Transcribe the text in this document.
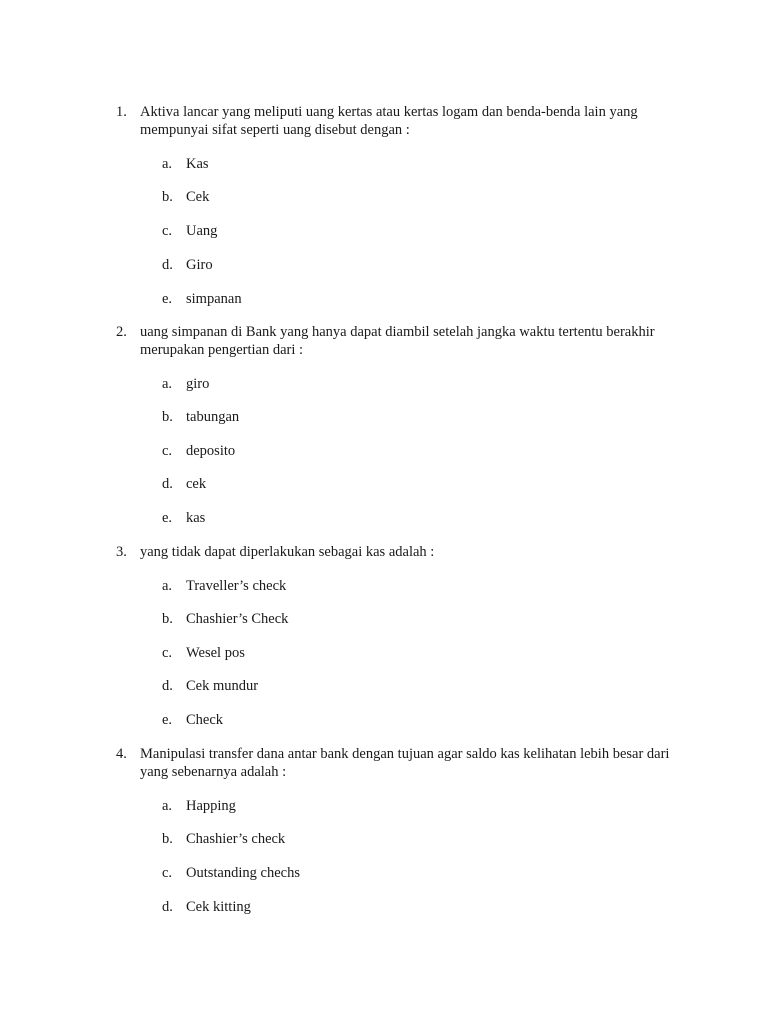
1. Aktiva lancar yang meliputi uang kertas atau kertas logam dan benda-benda lain yang mempunyai sifat seperti uang disebut dengan :
a. Kas
b. Cek
c. Uang
d. Giro
e. simpanan
2. uang simpanan di Bank yang hanya dapat diambil setelah jangka waktu tertentu berakhir merupakan pengertian dari :
a. giro
b. tabungan
c. deposito
d. cek
e. kas
3. yang tidak dapat diperlakukan sebagai kas adalah :
a. Traveller’s check
b. Chashier’s Check
c. Wesel pos
d. Cek mundur
e. Check
4. Manipulasi transfer dana antar bank dengan tujuan agar saldo kas kelihatan lebih besar dari yang sebenarnya adalah :
a. Happing
b. Chashier’s check
c. Outstanding chechs
d. Cek kitting
